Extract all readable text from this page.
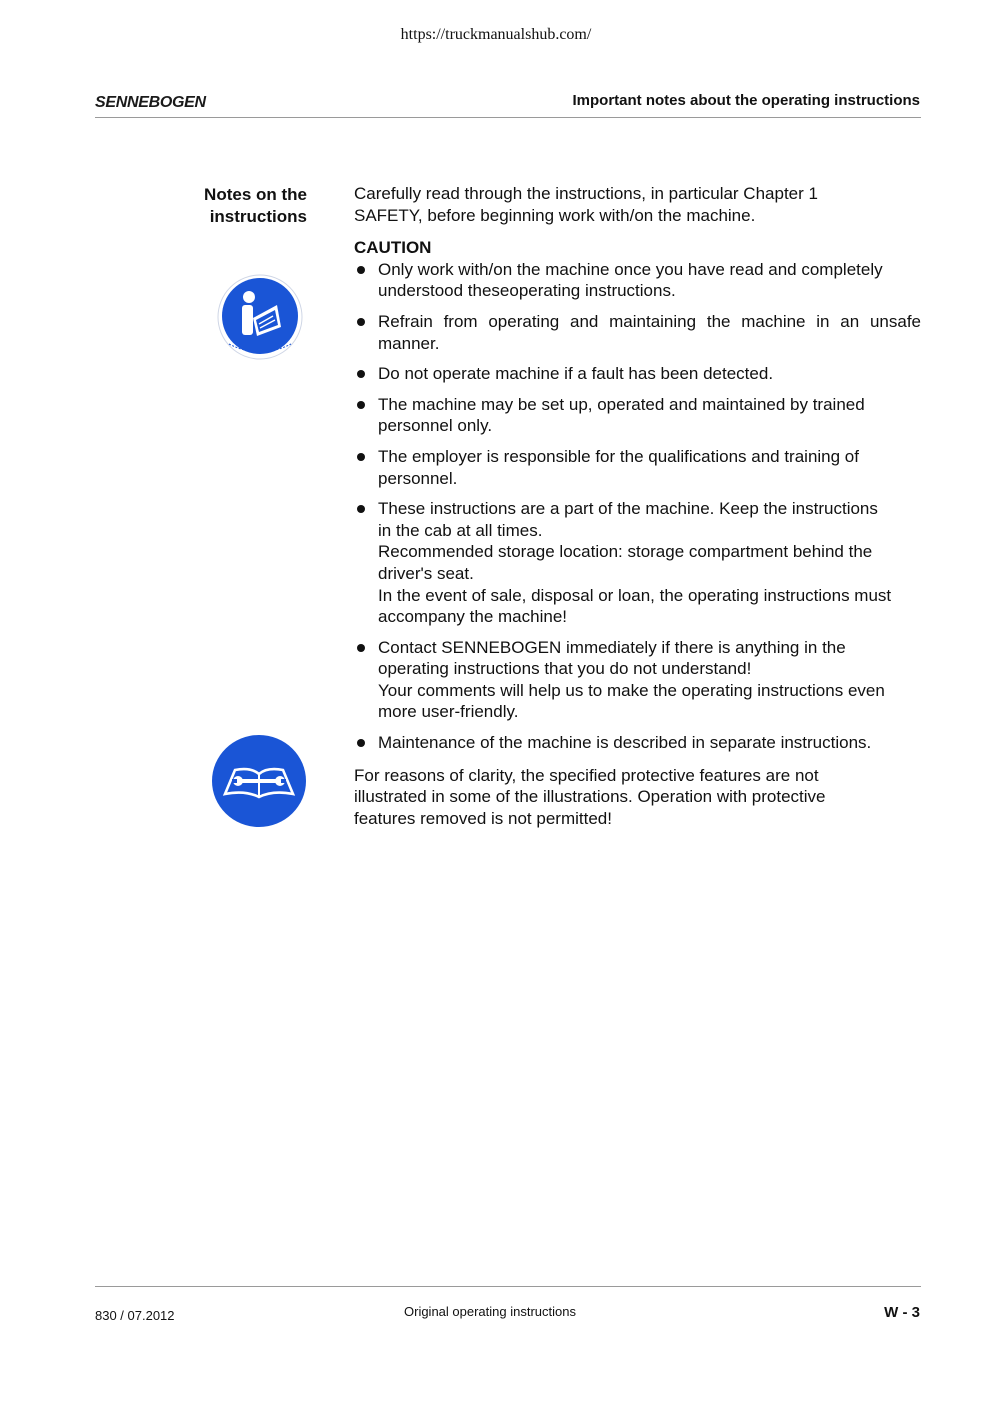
https://truckmanualshub.com/
SENNEBOGEN	Important notes about the operating instructions
Notes on the
instructions

Carefully read through the instructions, in particular Chapter 1
SAFETY, before beginning work with/on the machine.

CAUTION

Only work with/on the machine once you have read and completely
understood theseoperating instructions.
Refrain from operating and maintaining the machine in an unsafe
manner.
Do not operate machine if a fault has been detected.
The machine may be set up, operated and maintained by trained
personnel only.
The employer is responsible for the qualifications and training of
personnel.
These instructions are a part of the machine. Keep the instructions
in the cab at all times.
Recommended storage location: storage compartment behind the
driver's seat.
In the event of sale, disposal or loan, the operating instructions must
accompany the machine!
Contact SENNEBOGEN immediately if there is anything in the
operating instructions that you do not understand!
Your comments will help us to make the operating instructions even
more user-friendly.
Maintenance of the machine is described in separate instructions.

For reasons of clarity, the specified protective features are not
illustrated in some of the illustrations. Operation with protective
features removed is not permitted!

830 / 07.2012	Original operating instructions	W - 3
